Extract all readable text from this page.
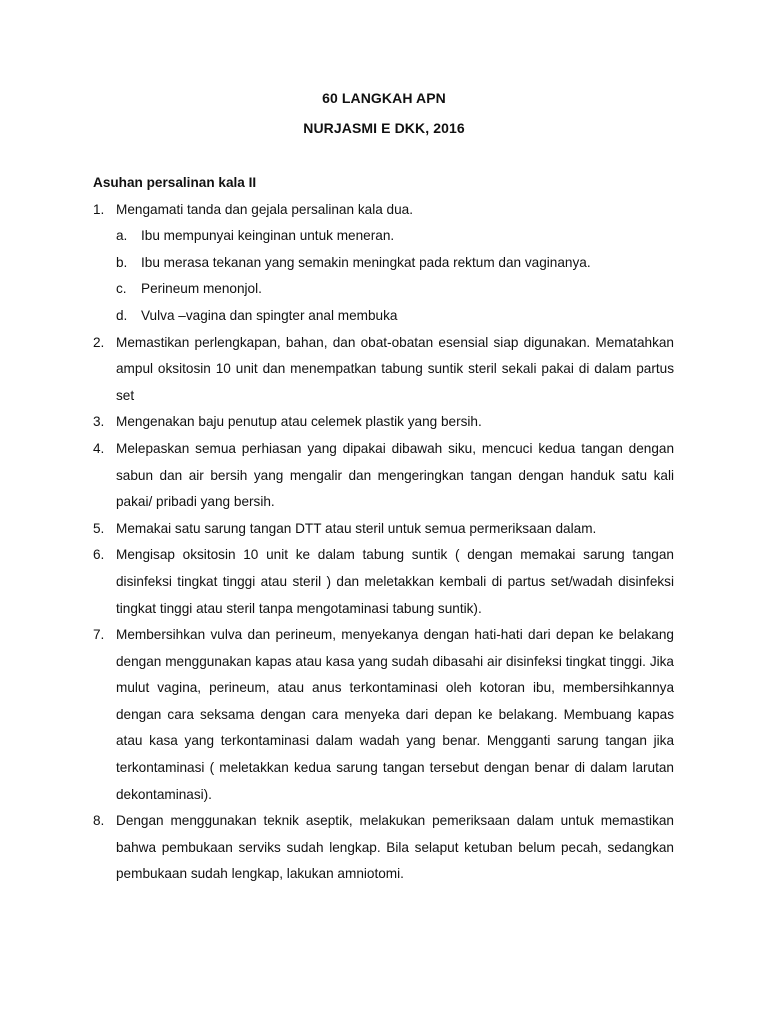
60 LANGKAH APN
NURJASMI E DKK, 2016
Asuhan persalinan kala II
1. Mengamati tanda dan gejala persalinan kala dua.
a. Ibu mempunyai keinginan untuk meneran.
b. Ibu merasa tekanan yang semakin meningkat pada rektum dan vaginanya.
c. Perineum menonjol.
d. Vulva –vagina dan spingter anal membuka
2. Memastikan perlengkapan, bahan, dan obat-obatan esensial siap digunakan. Mematahkan ampul oksitosin 10 unit dan menempatkan tabung suntik steril sekali pakai di dalam partus set
3. Mengenakan baju penutup atau celemek plastik yang bersih.
4. Melepaskan semua perhiasan yang dipakai dibawah siku, mencuci kedua tangan dengan sabun dan air bersih yang mengalir dan mengeringkan tangan dengan handuk satu kali pakai/ pribadi yang bersih.
5. Memakai satu sarung tangan DTT atau steril untuk semua permeriksaan dalam.
6. Mengisap oksitosin 10 unit ke dalam tabung suntik ( dengan memakai sarung tangan disinfeksi tingkat tinggi atau steril ) dan meletakkan kembali di partus set/wadah disinfeksi tingkat tinggi atau steril tanpa mengotaminasi tabung suntik).
7. Membersihkan vulva dan perineum, menyekanya dengan hati-hati dari depan ke belakang dengan menggunakan kapas atau kasa yang sudah dibasahi air disinfeksi tingkat tinggi. Jika mulut vagina, perineum, atau anus terkontaminasi oleh kotoran ibu, membersihkannya dengan cara seksama dengan cara menyeka dari depan ke belakang. Membuang kapas atau kasa yang terkontaminasi dalam wadah yang benar. Mengganti sarung tangan jika terkontaminasi ( meletakkan kedua sarung tangan tersebut dengan benar di dalam larutan dekontaminasi).
8. Dengan menggunakan teknik aseptik, melakukan pemeriksaan dalam untuk memastikan bahwa pembukaan serviks sudah lengkap. Bila selaput ketuban belum pecah, sedangkan pembukaan sudah lengkap, lakukan amniotomi.
